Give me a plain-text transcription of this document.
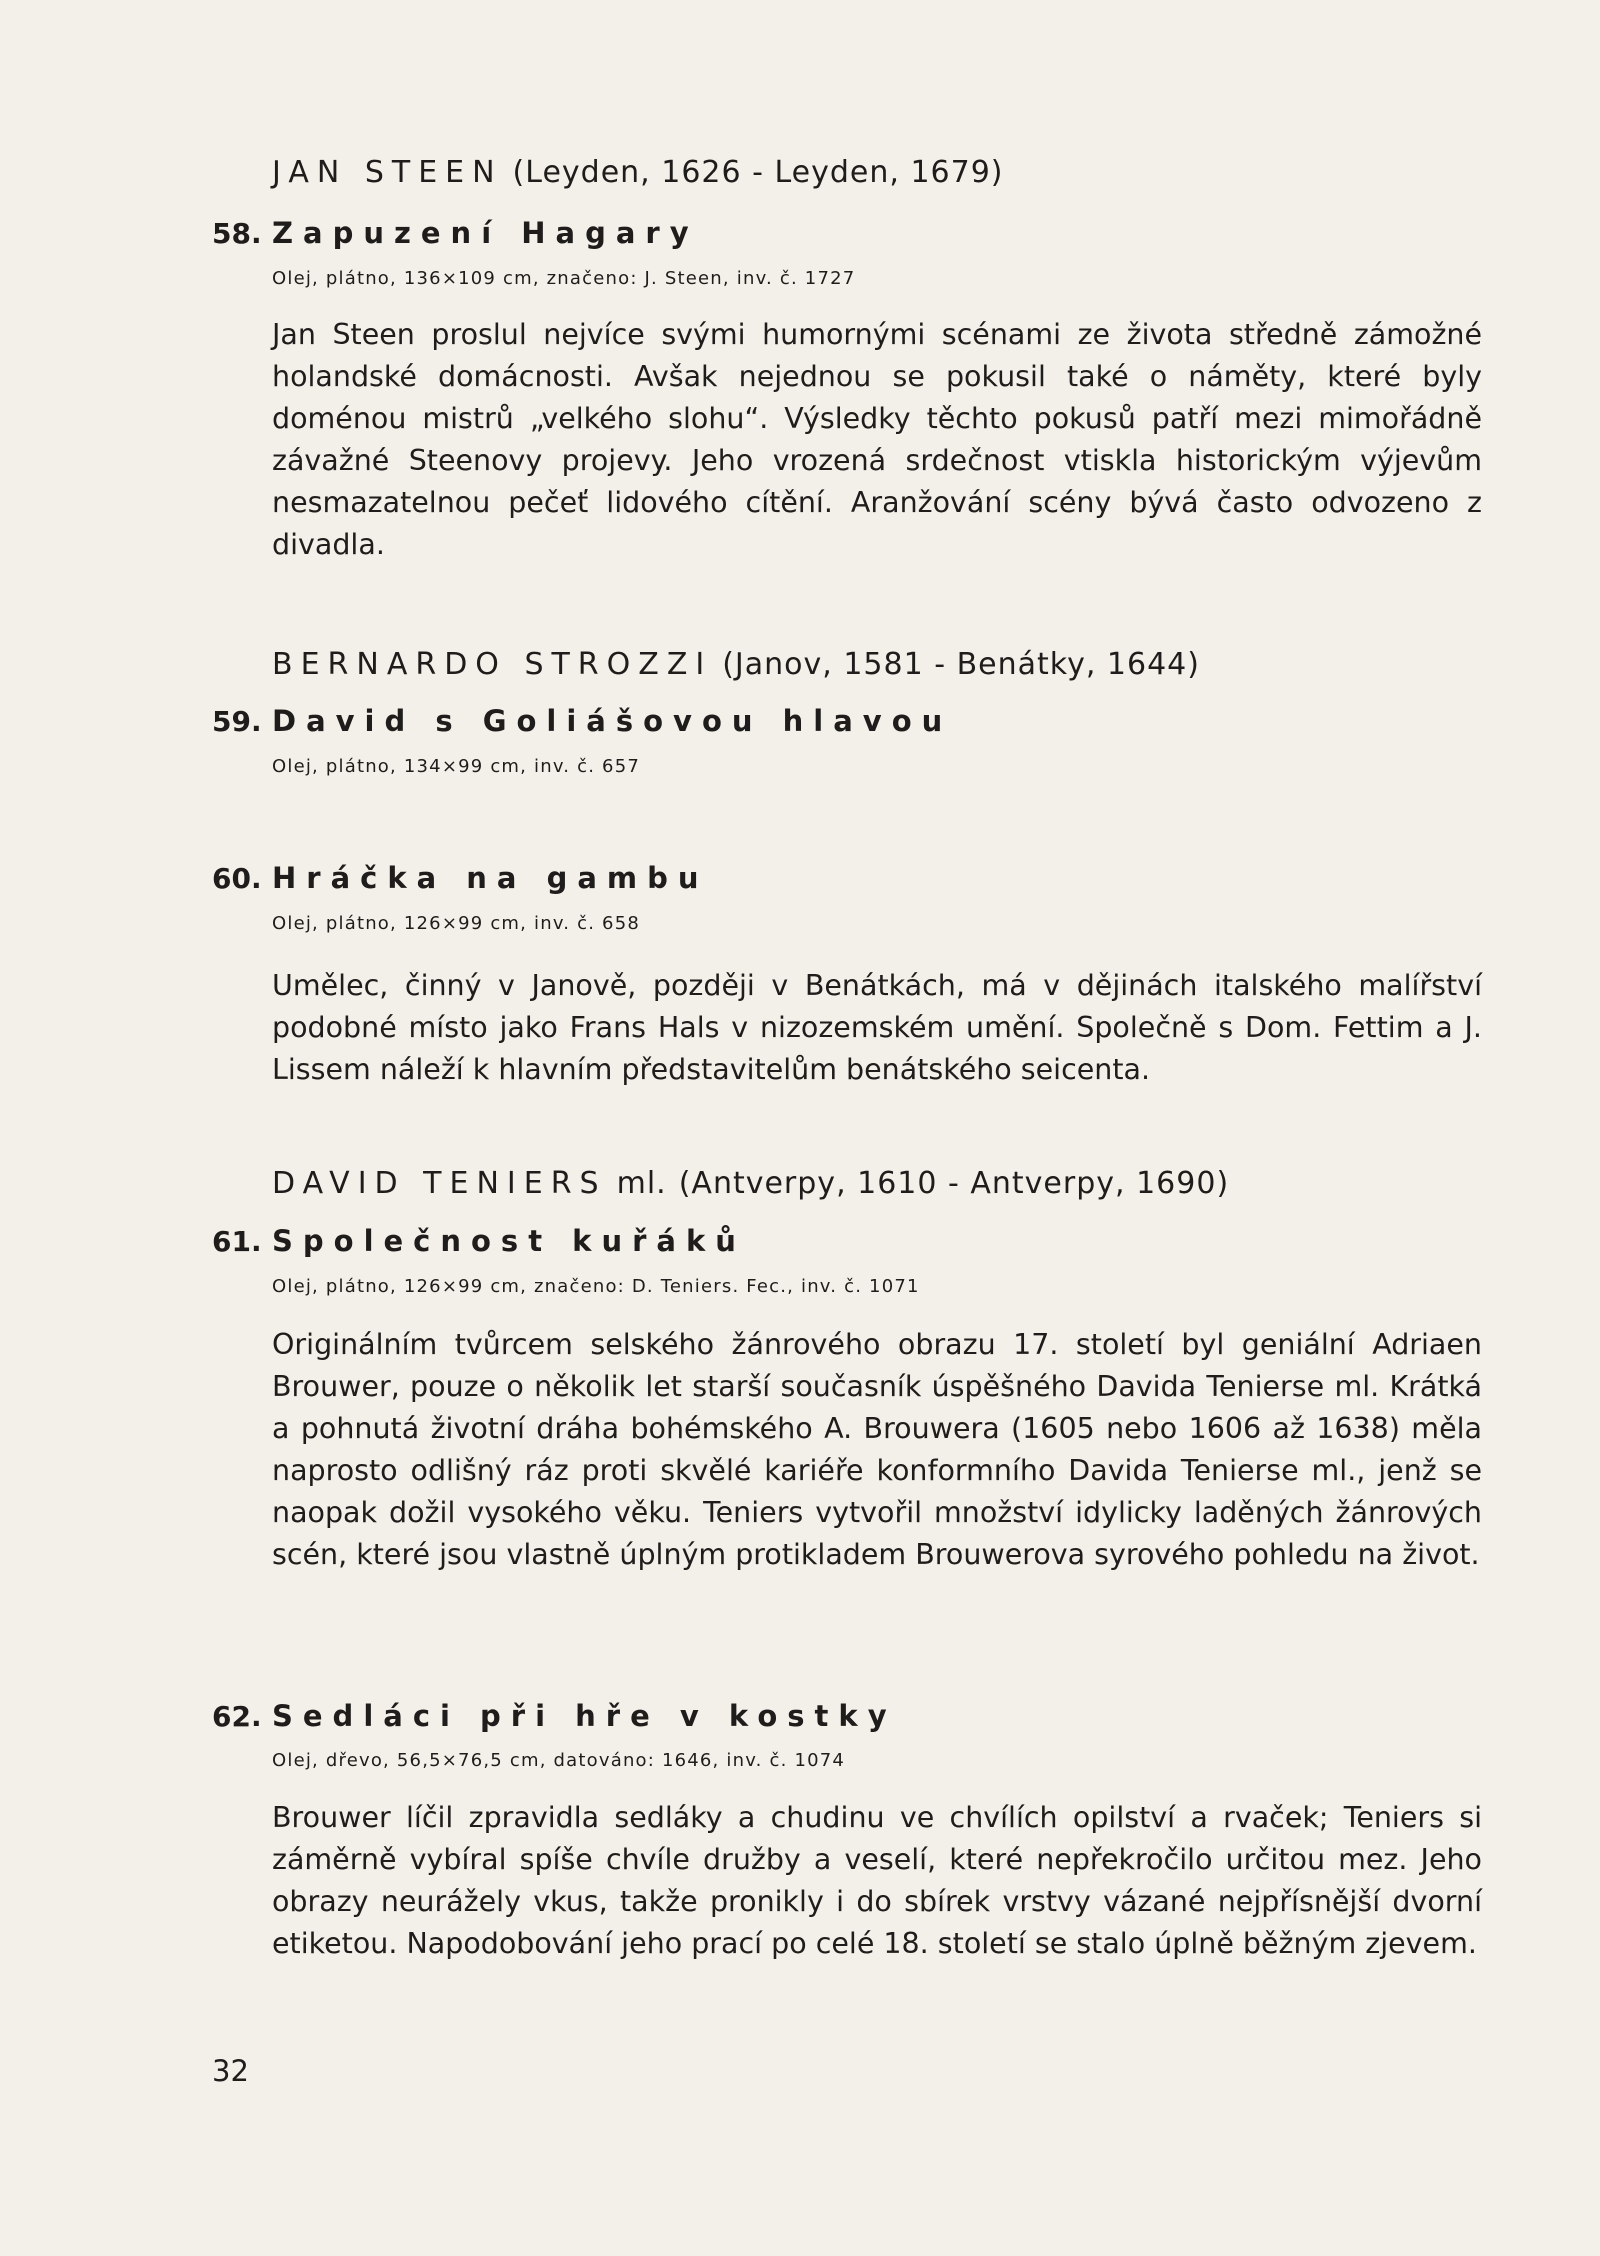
JAN STEEN (Leyden, 1626 - Leyden, 1679)
58. Zapuzení Hagary
Olej, plátno, 136×109 cm, značeno: J. Steen, inv. č. 1727
Jan Steen proslul nejvíce svými humornými scénami ze života středně zámožné holandské domácnosti. Avšak nejednou se pokusil také o náměty, které byly doménou mistrů „velkého slohu“. Výsledky těchto pokusů patří mezi mimořádně závažné Steenovy projevy. Jeho vrozená srdečnost vtiskla historickým výjevům nesmazatelnou pečeť lidového cítění. Aranžování scény bývá často odvozeno z divadla.
BERNARDO STROZZI (Janov, 1581 - Benátky, 1644)
59. David s Goliášovou hlavou
Olej, plátno, 134×99 cm, inv. č. 657
60. Hráčka na gambu
Olej, plátno, 126×99 cm, inv. č. 658
Umělec, činný v Janově, později v Benátkách, má v dějinách italského malířství podobné místo jako Frans Hals v nizozemském umění. Společně s Dom. Fettim a J. Lissem náleží k hlavním představitelům benátského seicenta.
DAVID TENIERS ml. (Antverpy, 1610 - Antverpy, 1690)
61. Společnost kuřáků
Olej, plátno, 126×99 cm, značeno: D. Teniers. Fec., inv. č. 1071
Originálním tvůrcem selského žánrového obrazu 17. století byl geniální Adriaen Brouwer, pouze o několik let starší současník úspěšného Davida Tenierse ml. Krátká a pohnutá životní dráha bohémského A. Brouwera (1605 nebo 1606 až 1638) měla naprosto odlišný ráz proti skvělé kariéře konformního Davida Tenierse ml., jenž se naopak dožil vysokého věku. Teniers vytvořil množství idylicky laděných žánrových scén, které jsou vlastně úplným protikladem Brouwerova syrového pohledu na život.
62. Sedláci při hře v kostky
Olej, dřevo, 56,5×76,5 cm, datováno: 1646, inv. č. 1074
Brouwer líčil zpravidla sedláky a chudinu ve chvílích opilství a rvaček; Teniers si záměrně vybíral spíše chvíle družby a veselí, které nepřekročilo určitou mez. Jeho obrazy neurážely vkus, takže pronikly i do sbírek vrstvy vázané nejpřísnější dvorní etiketou. Napodobování jeho prací po celé 18. století se stalo úplně běžným zjevem.
32
